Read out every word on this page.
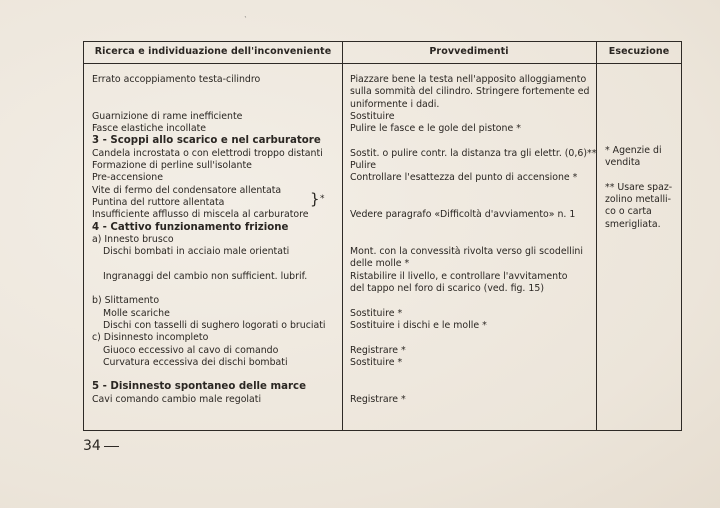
`
Ricerca e individuazione dell'inconveniente	Provvedimenti	Esecuzione
Errato accoppiamento testa-cilindro
Guarnizione di rame inefficiente
Fasce elastiche incollate
3 - Scoppi allo scarico e nel carburatore
Candela incrostata o con elettrodi troppo distanti
Formazione di perline sull'isolante
Pre-accensione
Vite di fermo del condensatore allentata
Puntina del ruttore allentata
Insufficiente afflusso di miscela al carburatore
4 - Cattivo funzionamento frizione
a) Innesto brusco
Dischi bombati in acciaio male orientati
Ingranaggi del cambio non sufficient. lubrif.
b) Slittamento
Molle scariche
Dischi con tasselli di sughero logorati o bruciati
c) Disinnesto incompleto
Giuoco eccessivo al cavo di comando
Curvatura eccessiva dei dischi bombati
5 - Disinnesto spontaneo delle marce
Cavi comando cambio male regolati
} *
Piazzare bene la testa nell'apposito alloggiamento
sulla sommità del cilindro. Stringere fortemente ed
uniformente i dadi.
Sostituire
Pulire le fasce e le gole del pistone *
Sostit. o pulire contr. la distanza tra gli elettr. (0,6)**
Pulire
Controllare l'esattezza del punto di accensione *
Vedere paragrafo «Difficoltà d'avviamento» n. 1
Mont. con la convessità rivolta verso gli scodellini
delle molle *
Ristabilire il livello, e controllare l'avvitamento
del tappo nel foro di scarico (ved. fig. 15)
Sostituire *
Sostituire i dischi e le molle *
Registrare *
Sostituire *
Registrare *
* Agenzie di
vendita
** Usare spaz-
zolino metalli-
co o carta
smerigliata.
34
